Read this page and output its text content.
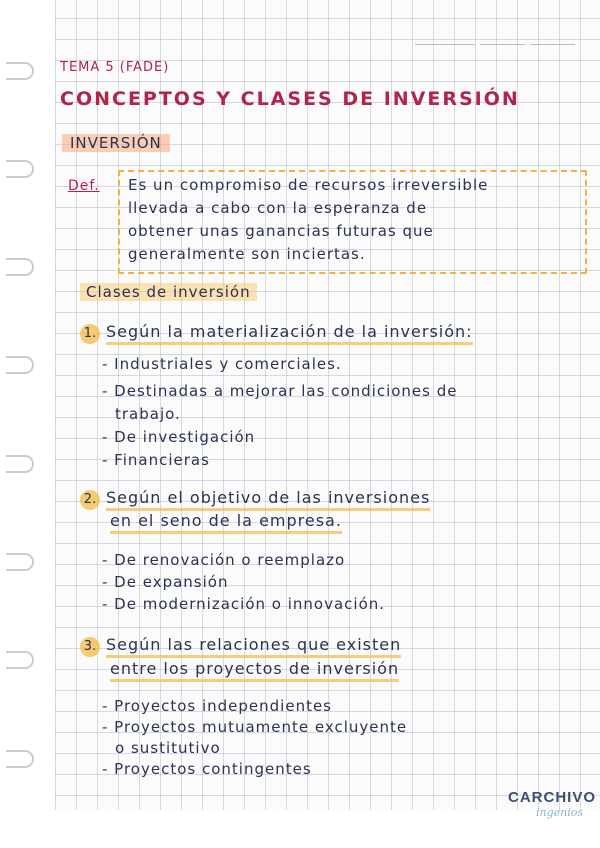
TEMA 5 (FADE)
CONCEPTOS Y CLASES DE INVERSIÓN
INVERSIÓN
Def. Es un compromiso de recursos irreversible
llevada a cabo con la esperanza de
obtener unas ganancias futuras que
generalmente son inciertas.
Clases de inversión
1. Según la materialización de la inversión:
- Industriales y comerciales.
- Destinadas a mejorar las condiciones de
trabajo.
- De investigación
- Financieras
2. Según el objetivo de las inversiones
en el seno de la empresa.
- De renovación o reemplazo
- De expansión
- De modernización o innovación.
3. Según las relaciones que existen
entre los proyectos de inversión
- Proyectos independientes
- Proyectos mutuamente excluyente
o sustitutivo
- Proyectos contingentes
CARCHIVO
ingenios
